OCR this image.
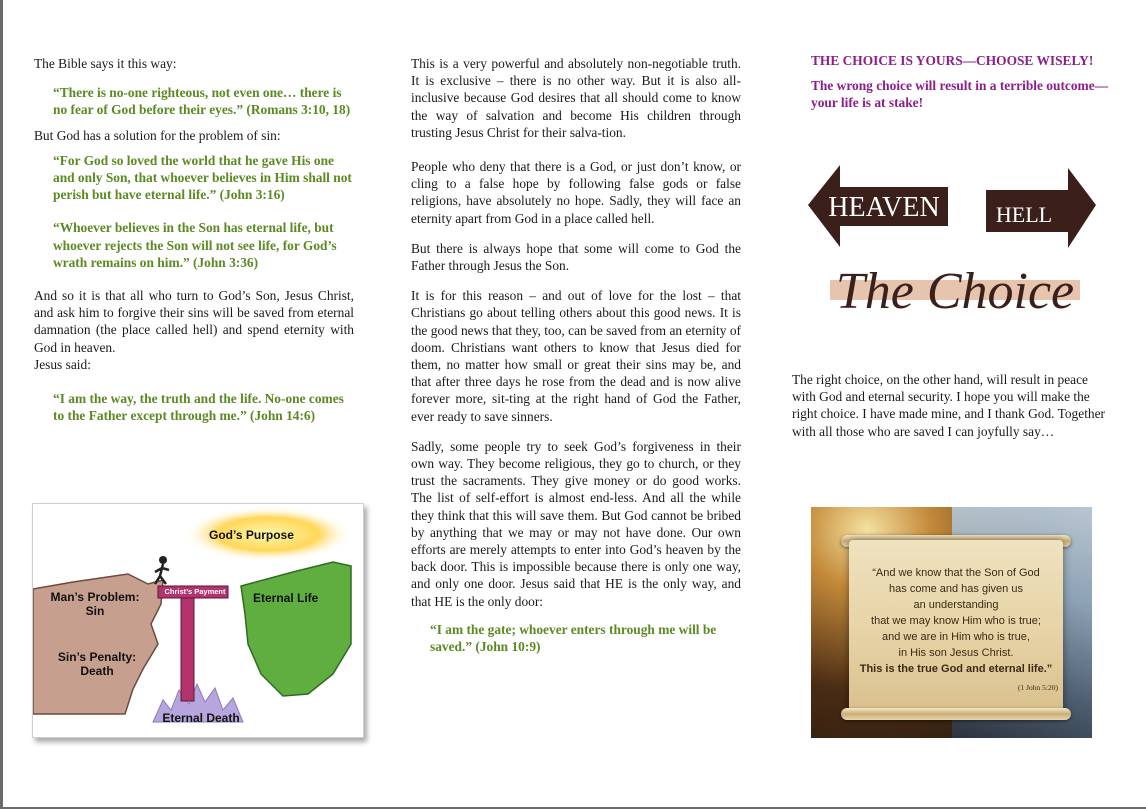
The Bible says it this way:

“There is no-one righteous, not even one… there is no fear of God before their eyes.” (Romans 3:10, 18)

But God has a solution for the problem of sin:

“For God so loved the world that he gave His one and only Son, that whoever believes in Him shall not perish but have eternal life.” (John 3:16)

“Whoever believes in the Son has eternal life, but whoever rejects the Son will not see life, for God’s wrath remains on him.” (John 3:36)

And so it is that all who turn to God’s Son, Jesus Christ, and ask him to forgive their sins will be saved from eternal damnation (the place called hell) and spend eternity with God in heaven.

Jesus said:

“I am the way, the truth and the life. No-one comes to the Father except through me.” (John 14:6)

God’s Purpose
Man’s Problem: Sin
Sin’s Penalty: Death
Christ’s Payment Eternal Life
Eternal Death

This is a very powerful and absolutely non-negotiable truth. It is exclusive – there is no other way. But it is also all-inclusive because God desires that all should come to know the way of salvation and become His children through trusting Jesus Christ for their salva-tion.

People who deny that there is a God, or just don’t know, or cling to a false hope by following false gods or false religions, have absolutely no hope. Sadly, they will face an eternity apart from God in a place called hell.

But there is always hope that some will come to God the Father through Jesus the Son.

It is for this reason – and out of love for the lost – that Christians go about telling others about this good news. It is the good news that they, too, can be saved from an eternity of doom. Christians want others to know that Jesus died for them, no matter how small or great their sins may be, and that after three days he rose from the dead and is now alive forever more, sit-ting at the right hand of God the Father, ever ready to save sinners.

Sadly, some people try to seek God’s forgiveness in their own way. They become religious, they go to church, or they trust the sacraments. They give money or do good works. The list of self-effort is almost end-less. And all the while they think that this will save them. But God cannot be bribed by anything that we may or may not have done. Our own efforts are merely attempts to enter into God’s heaven by the back door. This is impossible because there is only one way, and only one door. Jesus said that HE is the only way, and that HE is the only door:

“I am the gate; whoever enters through me will be saved.” (John 10:9)

THE CHOICE IS YOURS—CHOOSE WISELY!

The wrong choice will result in a terrible outcome—your life is at stake!

HEAVEN	HELL
The Choice

The right choice, on the other hand, will result in peace with God and eternal security. I hope you will make the right choice. I have made mine, and I thank God. Together with all those who are saved I can joyfully say…

“And we know that the Son of God
has come and has given us
an understanding
that we may know Him who is true;
and we are in Him who is true,
in His son Jesus Christ.
This is the true God and eternal life.”
(1 John 5:20)
